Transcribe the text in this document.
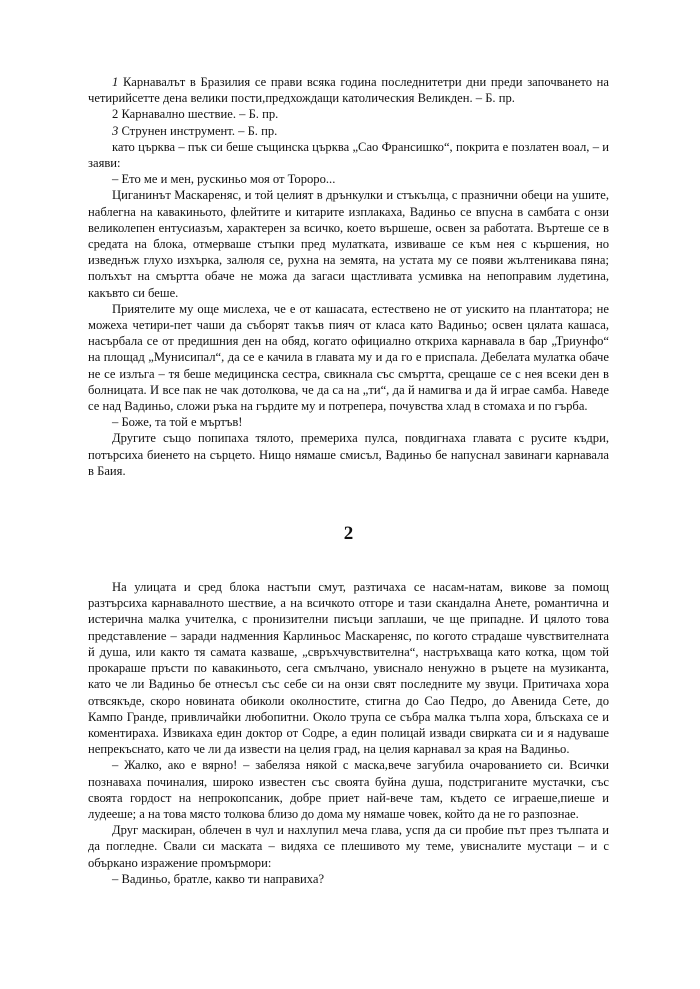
1 Карнавалът в Бразилия се прави всяка година последнитетри дни преди започването на четирийсетте дена велики пости,предхождащи католическия Великден. – Б. пр.

2 Карнавално шествие. – Б. пр.

3 Струнен инструмент. – Б. пр.

като църква – пък си беше същинска църква „Сао Франсишко“, покрита е позлатен воал, – и заяви:

– Ето ме и мен, рускиньо моя от Тороро...

Циганинът Маскареняс, и той целият в дрънкулки и стъкълца, с празнични обеци на ушите, наблегна на кавакиньото, флейтите и китарите изплакаха, Вадиньо се впусна в самбата с онзи великолепен ентусиазъм, характерен за всичко, което вършеше, освен за работата. Въртеше се в средата на блока, отмерваше стъпки пред мулатката, извиваше се към нея с кършения, но изведнъж глухо изхърка, залюля се, рухна на земята, на устата му се появи жълтеникава пяна; полъхът на смъртта обаче не можа да загаси щастливата усмивка на непоправим лудетина, какъвто си беше.

Приятелите му още мислеха, че е от кашасата, естествено не от уискито на плантатора; не можеха четири-пет чаши да съборят такъв пияч от класа като Вадиньо; освен цялата кашаса, насърбала се от предишния ден на обяд, когато официално откриха карнавала в бар „Триунфо“ на площад „Мунисипал“, да се е качила в главата му и да го е приспала. Дебелата мулатка обаче не се излъга – тя беше медицинска сестра, свикнала със смъртта, срещаше се с нея всеки ден в болницата. И все пак не чак дотолкова, че да са на „ти“, да й намигва и да й играе самба. Наведе се над Вадиньо, сложи ръка на гърдите му и потрепера, почувства хлад в стомаха и по гърба.

– Боже, та той е мъртъв!

Другите също попипаха тялото, премериха пулса, повдигнаха главата с русите къдри, потърсиха биенето на сърцето. Нищо нямаше смисъл, Вадиньо бе напуснал завинаги карнавала в Баия.

2

На улицата и сред блока настъпи смут, разтичаха се насам-натам, викове за помощ разтърсиха карнавалното шествие, а на всичкото отгоре и тази скандална Анете, романтична и истерична малка учителка, с пронизителни писъци заплаши, че ще припадне. И цялото това представление – заради надменния Карлиньос Маскареняс, по когото страдаше чувствителната й душа, или както тя самата казваше, „свръхчувствителна“, настръхваща като котка, щом той прокараше пръсти по кавакиньото, сега смълчано, увиснало ненужно в ръцете на музиканта, като че ли Вадиньо бе отнесъл със себе си на онзи свят последните му звуци. Притичаха хора отвсякъде, скоро новината обиколи околностите, стигна до Сао Педро, до Авенида Сете, до Кампо Гранде, привличайки любопитни. Около трупа се събра малка тълпа хора, блъскаха се и коментираха. Извикаха един доктор от Содре, а един полицай извади свирката си и я надуваше непрекъснато, като че ли да извести на целия град, на целия карнавал за края на Вадиньо.

– Жалко, ако е вярно! – забеляза някой с маска,вече загубила очарованието си. Всички познаваха починалия, широко известен със своята буйна душа, подстриганите мустачки, със своята гордост на непрокопсаник, добре приет най-вече там, където се играеше,пиеше и лудееше; а на това място толкова близо до дома му нямаше човек, който да не го разпознае.

Друг маскиран, облечен в чул и нахлупил меча глава, успя да си пробие път през тълпата и да погледне. Свали си маската – видяха се плешивото му теме, увисналите мустаци – и с объркано изражение промърмори:

– Вадиньо, братле, какво ти направиха?
